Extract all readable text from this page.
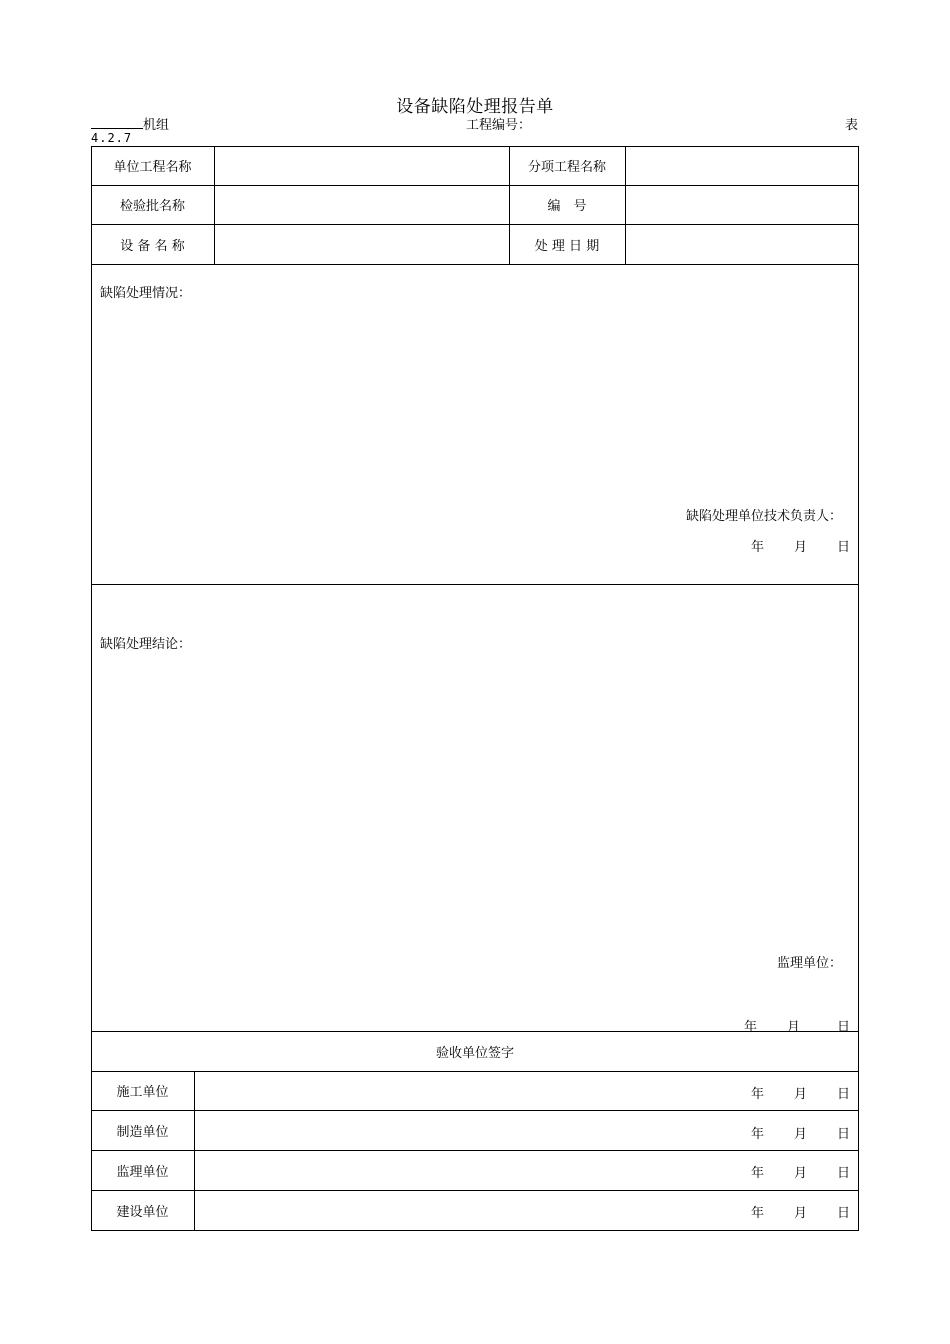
设备缺陷处理报告单
机组	工程编号：	表
4.2.7
单位工程名称	分项工程名称
检验批名称	编　号
设 备 名 称	处 理 日 期
缺陷处理情况：
缺陷处理单位技术负责人：
年 月 日
缺陷处理结论：
监理单位：
年 月	日
验收单位签字
施工单位	年 月 日
制造单位	年 月 日
监理单位	年 月 日
建设单位	年 月 日
